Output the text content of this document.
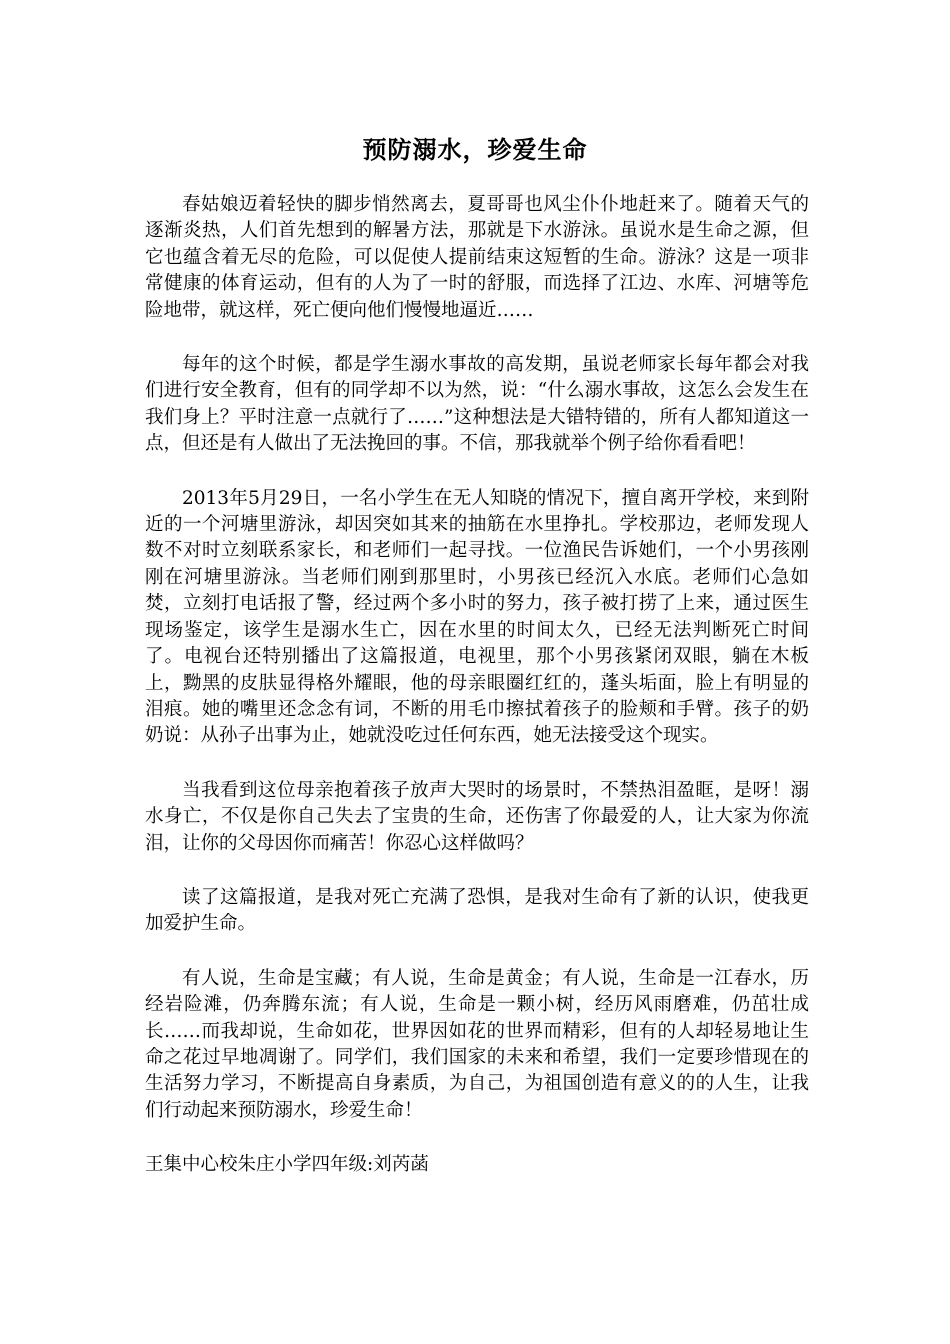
预防溺水，珍爱生命

春姑娘迈着轻快的脚步悄然离去，夏哥哥也风尘仆仆地赶来了。随着天气的逐渐炎热，人们首先想到的解暑方法，那就是下水游泳。虽说水是生命之源，但它也蕴含着无尽的危险，可以促使人提前结束这短暂的生命。游泳？这是一项非常健康的体育运动，但有的人为了一时的舒服，而选择了江边、水库、河塘等危险地带，就这样，死亡便向他们慢慢地逼近……

每年的这个时候，都是学生溺水事故的高发期，虽说老师家长每年都会对我们进行安全教育，但有的同学却不以为然，说：“什么溺水事故，这怎么会发生在我们身上？平时注意一点就行了……”这种想法是大错特错的，所有人都知道这一点，但还是有人做出了无法挽回的事。不信，那我就举个例子给你看看吧！

2013年5月29日，一名小学生在无人知晓的情况下，擅自离开学校，来到附近的一个河塘里游泳，却因突如其来的抽筋在水里挣扎。学校那边，老师发现人数不对时立刻联系家长，和老师们一起寻找。一位渔民告诉她们，一个小男孩刚刚在河塘里游泳。当老师们刚到那里时，小男孩已经沉入水底。老师们心急如焚，立刻打电话报了警，经过两个多小时的努力，孩子被打捞了上来，通过医生现场鉴定，该学生是溺水生亡，因在水里的时间太久，已经无法判断死亡时间了。电视台还特别播出了这篇报道，电视里，那个小男孩紧闭双眼，躺在木板上，黝黑的皮肤显得格外耀眼，他的母亲眼圈红红的，蓬头垢面，脸上有明显的泪痕。她的嘴里还念念有词，不断的用毛巾擦拭着孩子的脸颊和手臂。孩子的奶奶说：从孙子出事为止，她就没吃过任何东西，她无法接受这个现实。

当我看到这位母亲抱着孩子放声大哭时的场景时，不禁热泪盈眶，是呀！溺水身亡，不仅是你自己失去了宝贵的生命，还伤害了你最爱的人，让大家为你流泪，让你的父母因你而痛苦！你忍心这样做吗？

读了这篇报道，是我对死亡充满了恐惧，是我对生命有了新的认识，使我更加爱护生命。

有人说，生命是宝藏；有人说，生命是黄金；有人说，生命是一江春水，历经岩险滩，仍奔腾东流；有人说，生命是一颗小树，经历风雨磨难，仍茁壮成长……而我却说，生命如花，世界因如花的世界而精彩，但有的人却轻易地让生命之花过早地凋谢了。同学们，我们国家的未来和希望，我们一定要珍惜现在的生活努力学习，不断提高自身素质，为自己，为祖国创造有意义的的人生，让我们行动起来预防溺水，珍爱生命！

王集中心校朱庄小学四年级:刘芮菡
